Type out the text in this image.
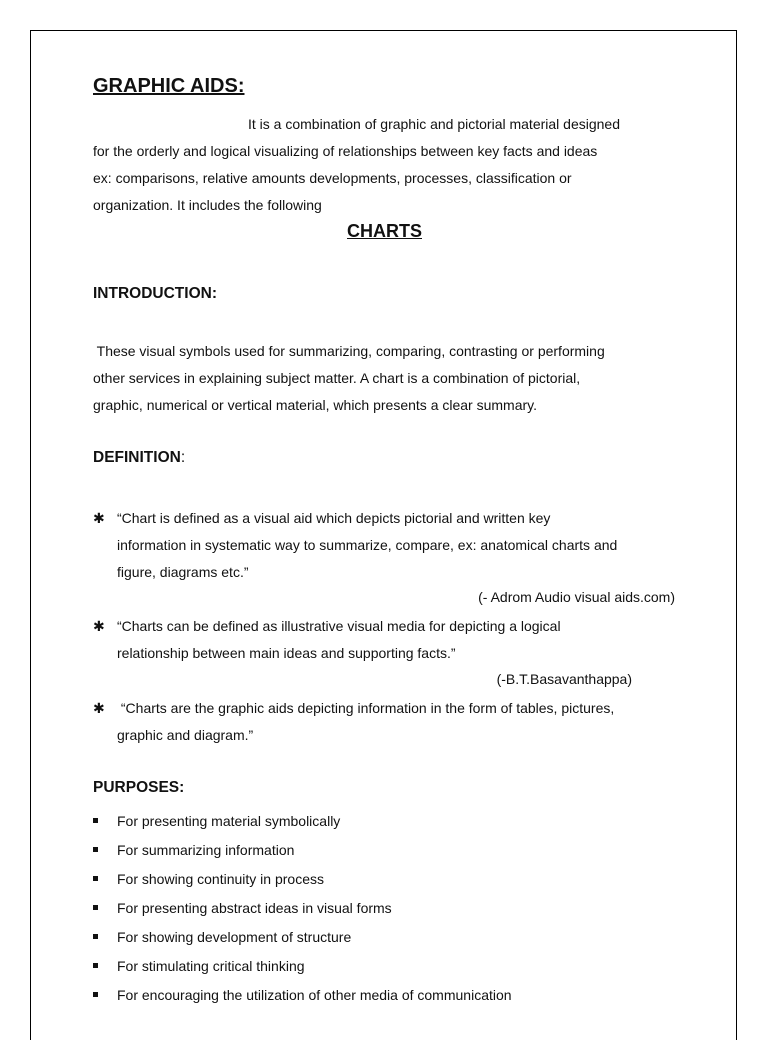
GRAPHIC AIDS:
It is a combination of graphic and pictorial material designed
for the orderly and logical visualizing of relationships between key facts and ideas
ex: comparisons, relative amounts developments, processes, classification or
organization. It includes the following
CHARTS
INTRODUCTION:
These visual symbols used for summarizing, comparing, contrasting or performing
other services in explaining subject matter. A chart is a combination of pictorial,
graphic, numerical or vertical material, which presents a clear summary.
DEFINITION:
✱ “Chart is defined as a visual aid which depicts pictorial and written key
information in systematic way to summarize, compare, ex: anatomical charts and
figure, diagrams etc.”
(- Adrom Audio visual aids.com)
✱ “Charts can be defined as illustrative visual media for depicting a logical
relationship between main ideas and supporting facts.”
(-B.T.Basavanthappa)
✱ “Charts are the graphic aids depicting information in the form of tables, pictures,
graphic and diagram.”
PURPOSES:
For presenting material symbolically
For summarizing information
For showing continuity in process
For presenting abstract ideas in visual forms
For showing development of structure
For stimulating critical thinking
For encouraging the utilization of other media of communication
